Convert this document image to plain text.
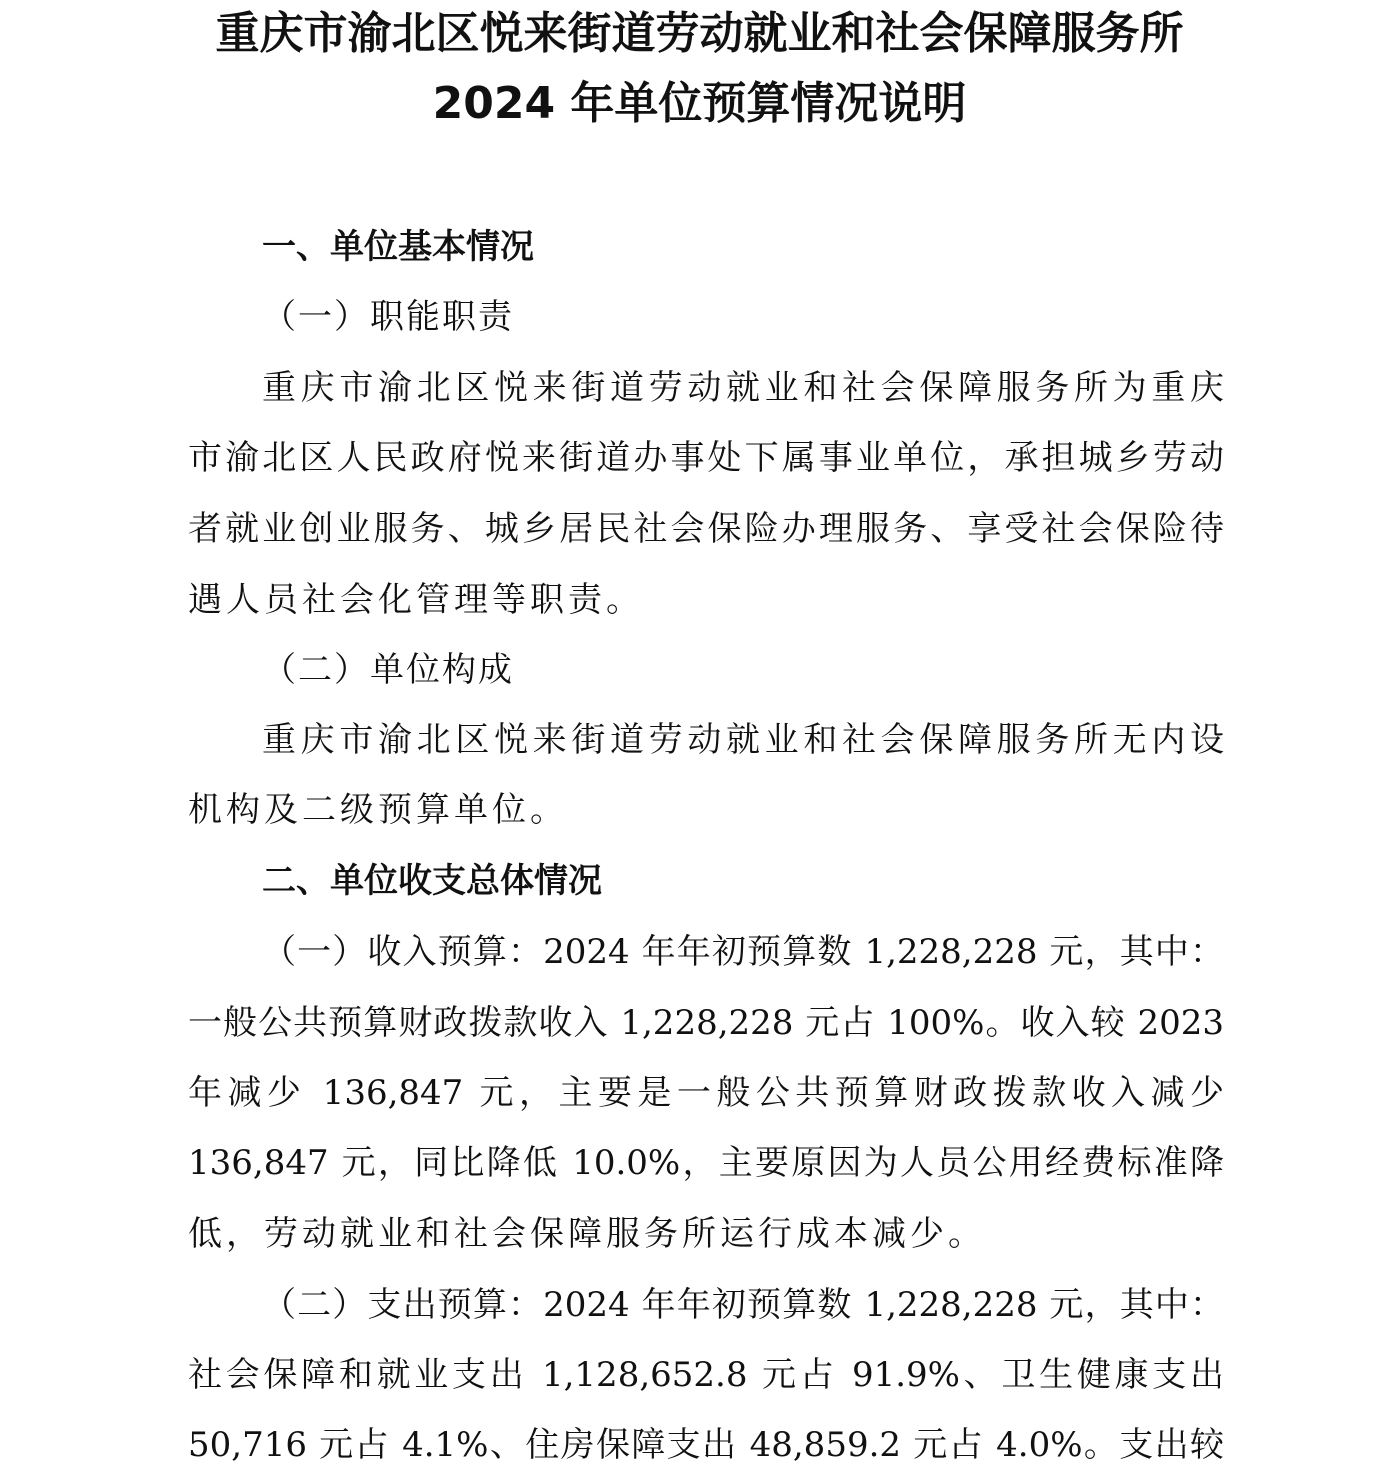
重庆市渝北区悦来街道劳动就业和社会保障服务所
2024 年单位预算情况说明
一、单位基本情况
（一）职能职责
重庆市渝北区悦来街道劳动就业和社会保障服务所为重庆
市渝北区人民政府悦来街道办事处下属事业单位，承担城乡劳动
者就业创业服务、城乡居民社会保险办理服务、享受社会保险待
遇人员社会化管理等职责。
（二）单位构成
重庆市渝北区悦来街道劳动就业和社会保障服务所无内设
机构及二级预算单位。
二、单位收支总体情况
（一）收入预算：2024 年年初预算数 1,228,228 元，其中：
一般公共预算财政拨款收入 1,228,228 元占 100%。收入较 2023
年减少 136,847 元，主要是一般公共预算财政拨款收入减少
136,847 元，同比降低 10.0%，主要原因为人员公用经费标准降
低，劳动就业和社会保障服务所运行成本减少。
（二）支出预算：2024 年年初预算数 1,228,228 元，其中：
社会保障和就业支出 1,128,652.8 元占 91.9%、卫生健康支出
50,716 元占 4.1%、住房保障支出 48,859.2 元占 4.0%。支出较
